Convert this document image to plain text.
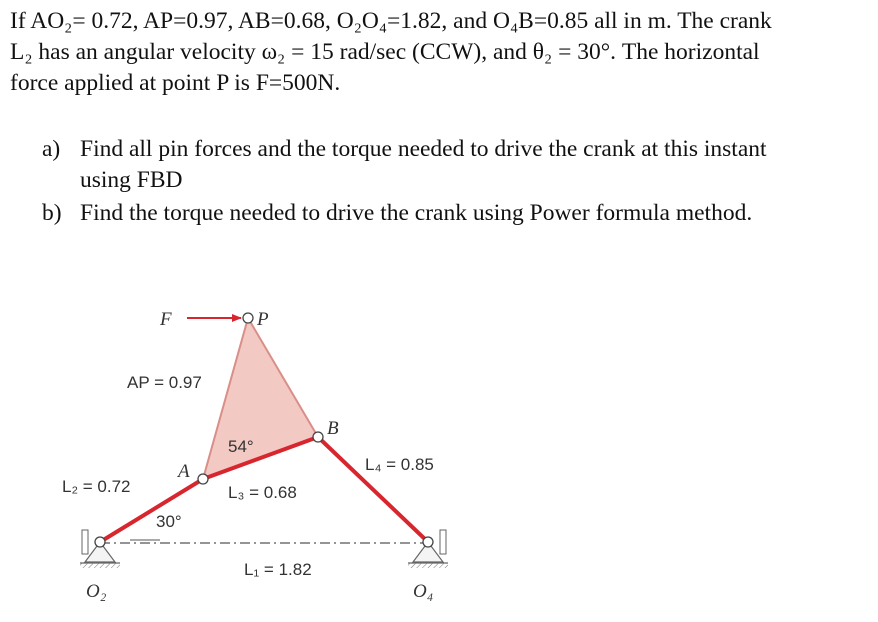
If AO₂= 0.72, AP=0.97, AB=0.68, O₂O₄=1.82, and O₄B=0.85 all in m. The crank

L₂ has an angular velocity ω₂ = 15 rad/sec (CCW), and θ₂ = 30°. The horizontal

force applied at point P is F=500N.

a) Find all pin forces and the torque needed to drive the crank at this instant
using FBD
b) Find the torque needed to drive the crank using Power formula method.
F	P
AP = 0.97
B
54°
A	L₄ = 0.85
L₂ = 0.72	L₃ = 0.68
30°
L₁ = 1.82
O₂	O₄
